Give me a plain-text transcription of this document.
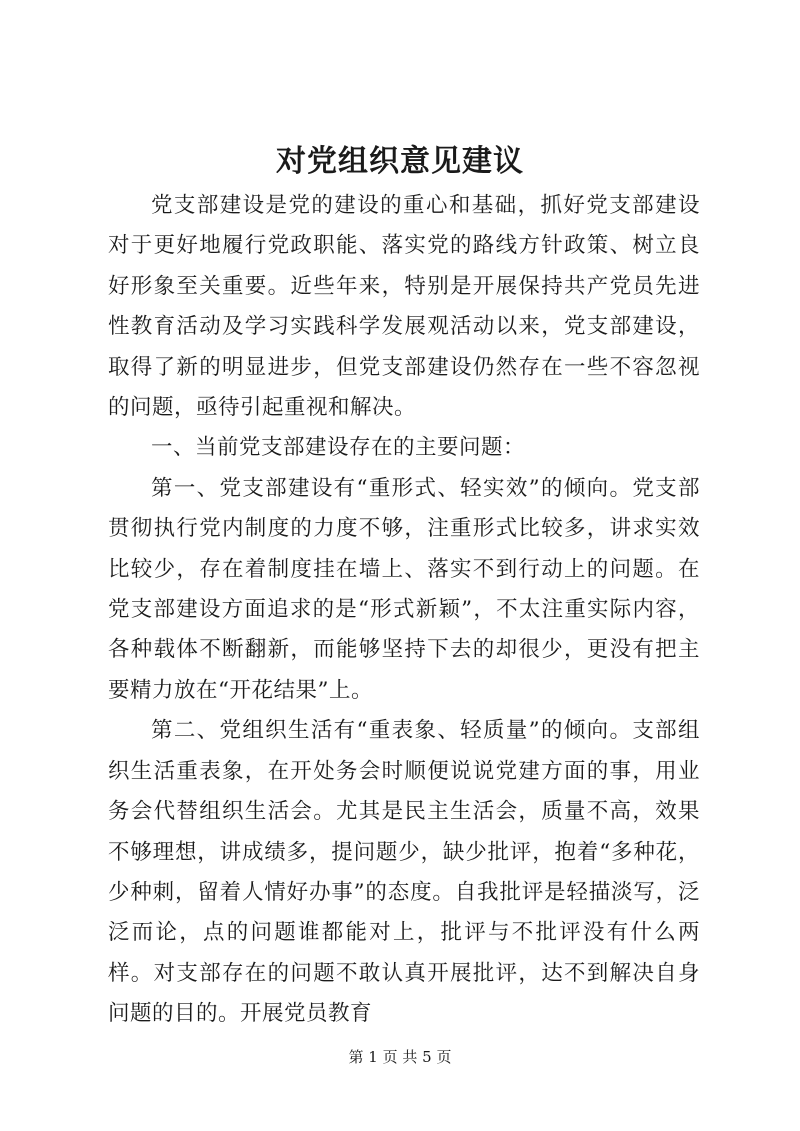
对党组织意见建议

党支部建设是党的建设的重心和基础，抓好党支部建设对于更好地履行党政职能、落实党的路线方针政策、树立良好形象至关重要。近些年来，特别是开展保持共产党员先进性教育活动及学习实践科学发展观活动以来，党支部建设，取得了新的明显进步，但党支部建设仍然存在一些不容忽视的问题，亟待引起重视和解决。

一、当前党支部建设存在的主要问题：

第一、党支部建设有“重形式、轻实效”的倾向。党支部贯彻执行党内制度的力度不够，注重形式比较多，讲求实效比较少，存在着制度挂在墙上、落实不到行动上的问题。在党支部建设方面追求的是“形式新颖”，不太注重实际内容，各种载体不断翻新，而能够坚持下去的却很少，更没有把主要精力放在“开花结果”上。

第二、党组织生活有“重表象、轻质量”的倾向。支部组织生活重表象，在开处务会时顺便说说党建方面的事，用业务会代替组织生活会。尤其是民主生活会，质量不高，效果不够理想，讲成绩多，提问题少，缺少批评，抱着“多种花，少种刺，留着人情好办事”的态度。自我批评是轻描淡写，泛泛而论，点的问题谁都能对上，批评与不批评没有什么两样。对支部存在的问题不敢认真开展批评，达不到解决自身问题的目的。开展党员教育

第 1 页 共 5 页
